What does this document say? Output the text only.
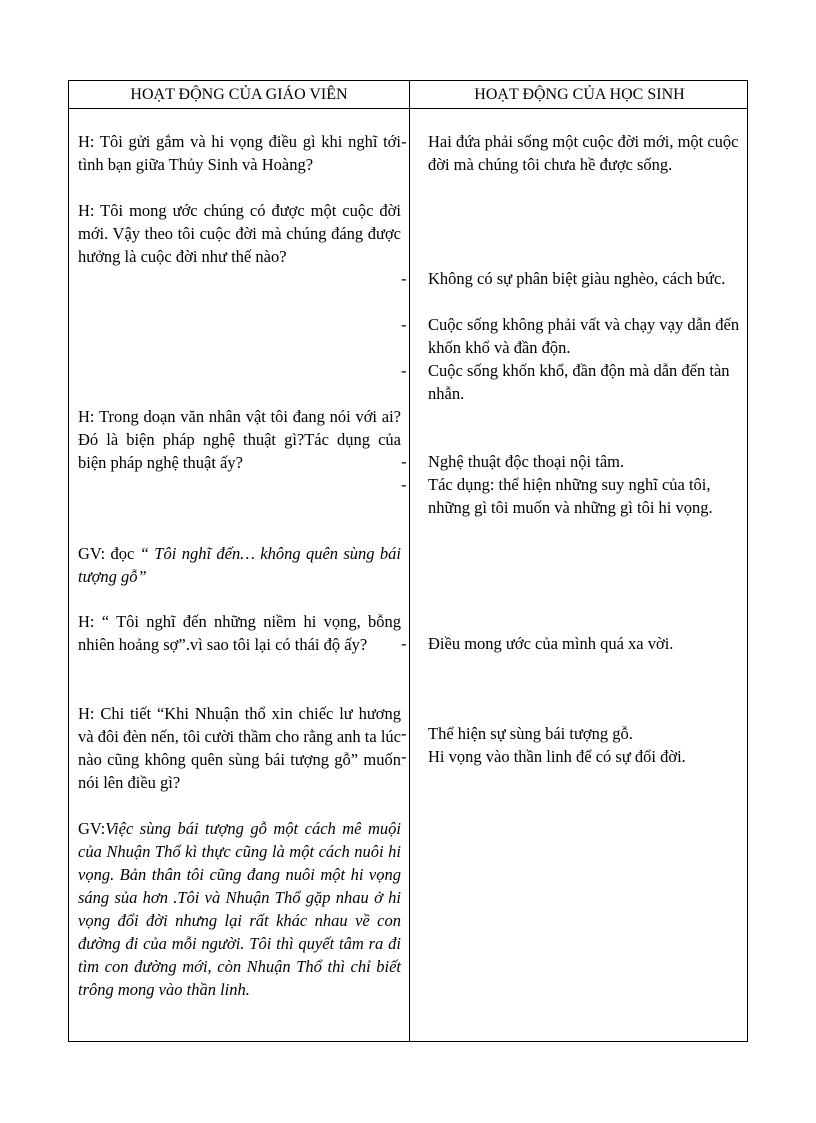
HOẠT ĐỘNG CỦA GIÁO VIÊN	HOẠT ĐỘNG CỦA HỌC SINH
H: Tôi gửi gắm và hi vọng điều gì khi nghĩ tới tình bạn giữa Thủy Sinh và Hoàng?
H: Tôi mong ước chúng có được một cuộc đời mới. Vậy theo tôi cuộc đời mà chúng đáng được hưởng là cuộc đời như thế nào?
H: Trong doạn văn nhân vật tôi đang nói với ai? Đó là biện pháp nghệ thuật gì?Tác dụng của biện pháp nghệ thuật ấy?
GV: đọc “ Tôi nghĩ đến… không quên sùng bái tượng gỗ”
H: “ Tôi nghĩ đến những niềm hi vọng, bỗng nhiên hoảng sợ”.vì sao tôi lại có thái độ ấy?
H: Chi tiết “Khi Nhuận thổ xin chiếc lư hương và đôi đèn nến, tôi cười thầm cho rằng anh ta lúc nào cũng không quên sùng bái tượng gỗ” muốn nói lên điều gì?
GV:Việc sùng bái tượng gỗ một cách mê muội của Nhuận Thổ kì thực cũng là một cách nuôi hi vọng. Bản thân tôi cũng đang nuôi một hi vọng sáng sủa hơn .Tôi và Nhuận Thổ gặp nhau ở hi vọng đổi đời nhưng lại rất khác nhau về con đường đi của mỗi người. Tôi thì quyết tâm ra đi tìm con đường mới, còn Nhuận Thổ thì chỉ biết trông mong vào thần linh.
- Hai đứa phải sống một cuộc đời mới, một cuộc đời mà chúng tôi chưa hề được sống.
- Không có sự phân biệt giàu nghèo, cách bức.
- Cuộc sống không phải vất và chạy vạy dẫn đến khốn khổ và đần độn.
- Cuộc sống khốn khổ, đần độn mà dẫn đến tàn nhẫn.
- Nghệ thuật độc thoại nội tâm.
- Tác dụng: thể hiện những suy nghĩ của tôi, những gì tôi muốn và những gì tôi hi vọng.
- Điều mong ước của mình quá xa vời.
- Thể hiện sự sùng bái tượng gỗ.
- Hi vọng vào thần linh để có sự đổi đời.
